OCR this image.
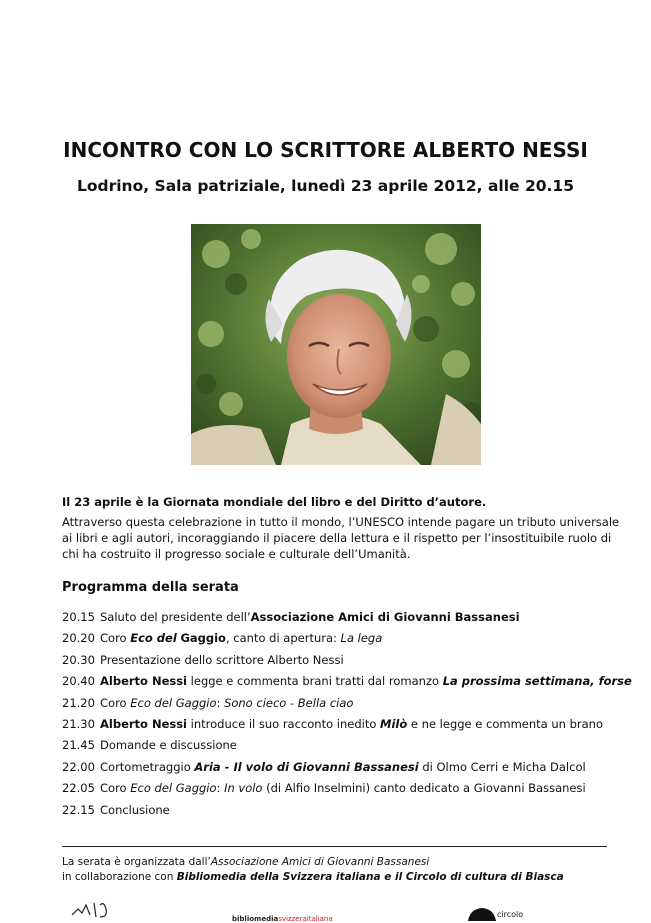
INCONTRO CON LO SCRITTORE ALBERTO NESSI
Lodrino, Sala patriziale, lunedì 23 aprile 2012, alle 20.15

Il 23 aprile è la Giornata mondiale del libro e del Diritto d’autore.

Attraverso questa celebrazione in tutto il mondo, l’UNESCO intende pagare un tributo universale ai libri e agli autori, incoraggiando il piacere della lettura e il rispetto per l’insostituibile ruolo di chi ha costruito il progresso sociale e culturale dell’Umanità.

Programma della serata
20.15 Saluto del presidente dell’Associazione Amici di Giovanni Bassanesi
20.20 Coro Eco del Gaggio, canto di apertura: La lega
20.30 Presentazione dello scrittore Alberto Nessi
20.40 Alberto Nessi legge e commenta brani tratti dal romanzo La prossima settimana, forse
21.20 Coro Eco del Gaggio: Sono cieco - Bella ciao
21.30 Alberto Nessi introduce il suo racconto inedito Milò e ne legge e commenta un brano
21.45 Domande e discussione
22.00 Cortometraggio Aria - Il volo di Giovanni Bassanesi di Olmo Cerri e Micha Dalcol
22.05 Coro Eco del Gaggio: In volo (di Alfio Inselmini) canto dedicato a Giovanni Bassanesi
22.15 Conclusione

La serata è organizzata dall’Associazione Amici di Giovanni Bassanesi
in collaborazione con Bibliomedia della Svizzera italiana e il Circolo di cultura di Biasca

bibliomediasvizzeraitaliana	circolo
